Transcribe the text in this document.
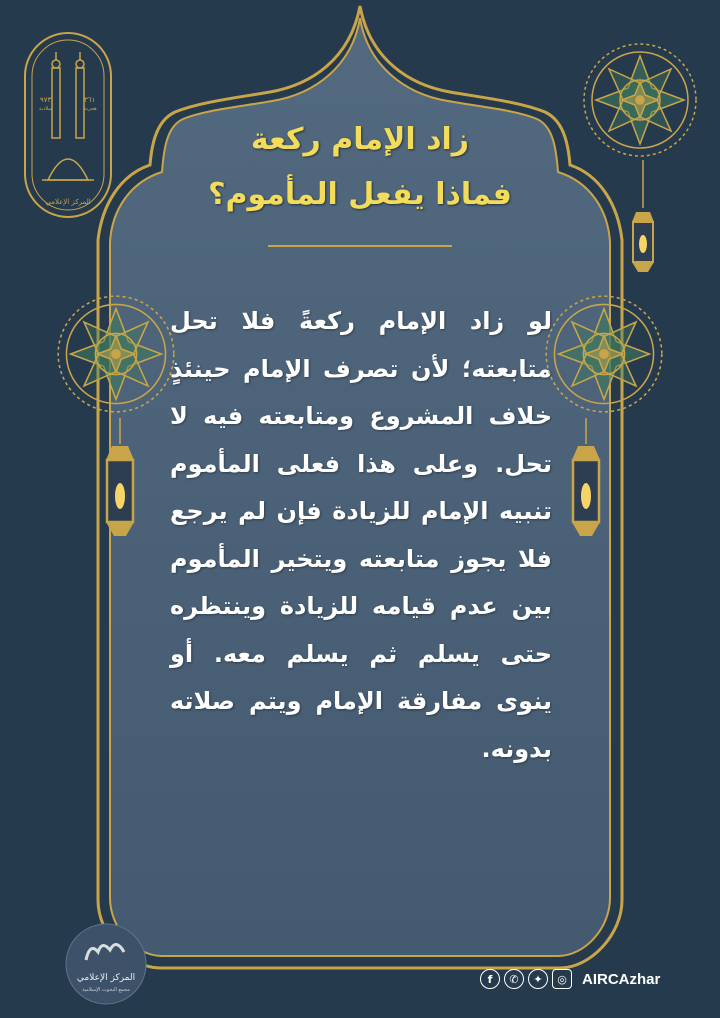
زاد الإمام ركعة
فماذا يفعل المأموم؟
لو زاد الإمام ركعةً فلا تحل متابعته؛ لأن تصرف الإمام حينئذٍ خلاف المشروع ومتابعته فيه لا تحل. وعلى هذا فعلى المأموم تنبيه الإمام للزيادة فإن لم يرجع فلا يجوز متابعته ويتخير المأموم بين عدم قيامه للزيادة وينتظره حتى يسلم ثم يسلم معه. أو ينوى مفارقة الإمام ويتم صلاته بدونه.
٩٧٣	٣٦١
ميلادية	هجرية
المركز الإعلامي
المركز الإعلامي
مجمع البحوث الإسلامية
f	✆	✦	◎	AIRCAzhar
